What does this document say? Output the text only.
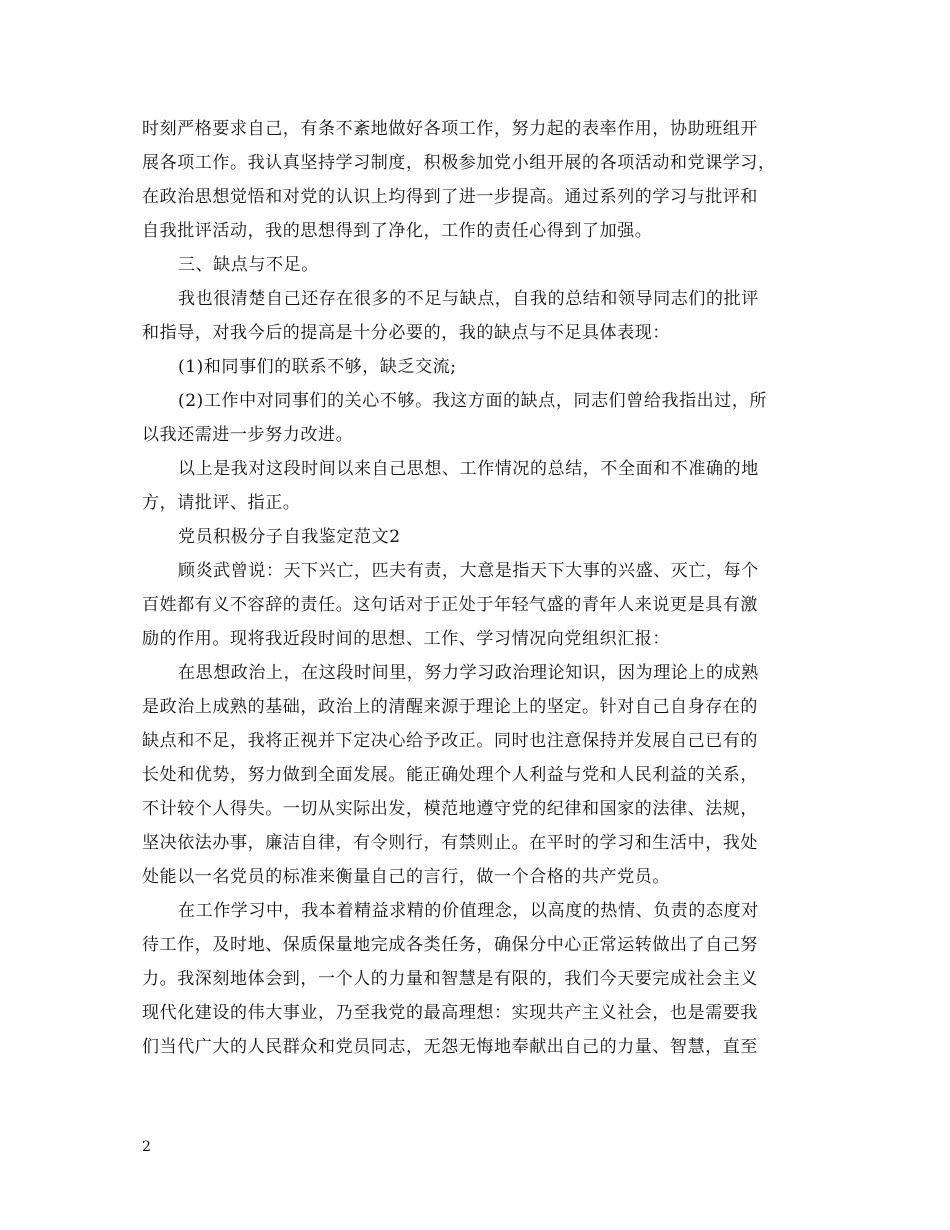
时刻严格要求自己，有条不紊地做好各项工作，努力起的表率作用，协助班组开
展各项工作。我认真坚持学习制度，积极参加党小组开展的各项活动和党课学习，
在政治思想觉悟和对党的认识上均得到了进一步提高。通过系列的学习与批评和
自我批评活动，我的思想得到了净化，工作的责任心得到了加强。
三、缺点与不足。
我也很清楚自己还存在很多的不足与缺点，自我的总结和领导同志们的批评
和指导，对我今后的提高是十分必要的，我的缺点与不足具体表现：
(1)和同事们的联系不够，缺乏交流;
(2)工作中对同事们的关心不够。我这方面的缺点，同志们曾给我指出过，所
以我还需进一步努力改进。
以上是我对这段时间以来自己思想、工作情况的总结，不全面和不准确的地
方，请批评、指正。
党员积极分子自我鉴定范文2
顾炎武曾说：天下兴亡，匹夫有责，大意是指天下大事的兴盛、灭亡，每个
百姓都有义不容辞的责任。这句话对于正处于年轻气盛的青年人来说更是具有激
励的作用。现将我近段时间的思想、工作、学习情况向党组织汇报：
在思想政治上，在这段时间里，努力学习政治理论知识，因为理论上的成熟
是政治上成熟的基础，政治上的清醒来源于理论上的坚定。针对自己自身存在的
缺点和不足，我将正视并下定决心给予改正。同时也注意保持并发展自己已有的
长处和优势，努力做到全面发展。能正确处理个人利益与党和人民利益的关系，
不计较个人得失。一切从实际出发，模范地遵守党的纪律和国家的法律、法规，
坚决依法办事，廉洁自律，有令则行，有禁则止。在平时的学习和生活中，我处
处能以一名党员的标准来衡量自己的言行，做一个合格的共产党员。
在工作学习中，我本着精益求精的价值理念，以高度的热情、负责的态度对
待工作，及时地、保质保量地完成各类任务，确保分中心正常运转做出了自己努
力。我深刻地体会到，一个人的力量和智慧是有限的，我们今天要完成社会主义
现代化建设的伟大事业，乃至我党的最高理想：实现共产主义社会，也是需要我
们当代广大的人民群众和党员同志，无怨无悔地奉献出自己的力量、智慧，直至
2
